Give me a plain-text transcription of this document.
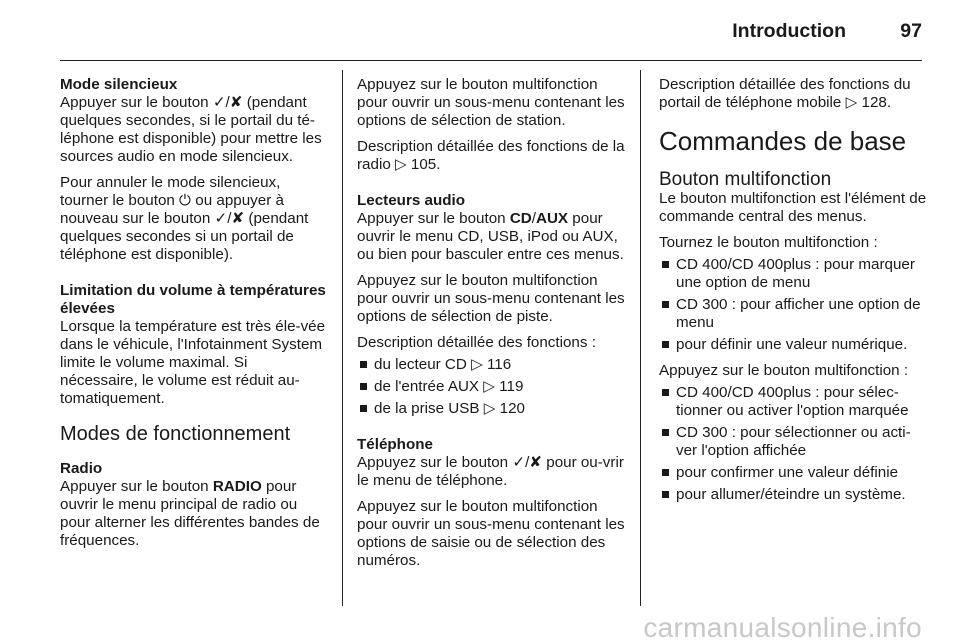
Introduction	97
Mode silencieux

Appuyer sur le bouton ✓/✘ (pendant quelques secondes, si le portail du té-léphone est disponible) pour mettre les sources audio en mode silencieux.

Pour annuler le mode silencieux, tourner le bouton ⏻ ou appuyer à nouveau sur le bouton ✓/✘ (pendant quelques secondes si un portail de téléphone est disponible).

Limitation du volume à températures élevées

Lorsque la température est très éle-vée dans le véhicule, l'Infotainment System limite le volume maximal. Si nécessaire, le volume est réduit au-tomatiquement.

Modes de fonctionnement
Radio

Appuyer sur le bouton RADIO pour ouvrir le menu principal de radio ou pour alterner les différentes bandes de fréquences.

Appuyez sur le bouton multifonction pour ouvrir un sous-menu contenant les options de sélection de station.

Description détaillée des fonctions de la radio ▷ 105.

Lecteurs audio

Appuyer sur le bouton CD/AUX pour ouvrir le menu CD, USB, iPod ou AUX, ou bien pour basculer entre ces menus.

Appuyez sur le bouton multifonction pour ouvrir un sous-menu contenant les options de sélection de piste.

Description détaillée des fonctions :

du lecteur CD ▷ 116
de l'entrée AUX ▷ 119
de la prise USB ▷ 120
Téléphone

Appuyez sur le bouton ✓/✘ pour ou-vrir le menu de téléphone.

Appuyez sur le bouton multifonction pour ouvrir un sous-menu contenant les options de saisie ou de sélection des numéros.

Description détaillée des fonctions du portail de téléphone mobile ▷ 128.

Commandes de base
Bouton multifonction

Le bouton multifonction est l'élément de commande central des menus.

Tournez le bouton multifonction :

CD 400/CD 400plus : pour marquer une option de menu
CD 300 : pour afficher une option de menu
pour définir une valeur numérique.

Appuyez sur le bouton multifonction :

CD 400/CD 400plus : pour sélec-tionner ou activer l'option marquée
CD 300 : pour sélectionner ou acti-ver l'option affichée
pour confirmer une valeur définie
pour allumer/éteindre un système.
carmanualsonline.info
